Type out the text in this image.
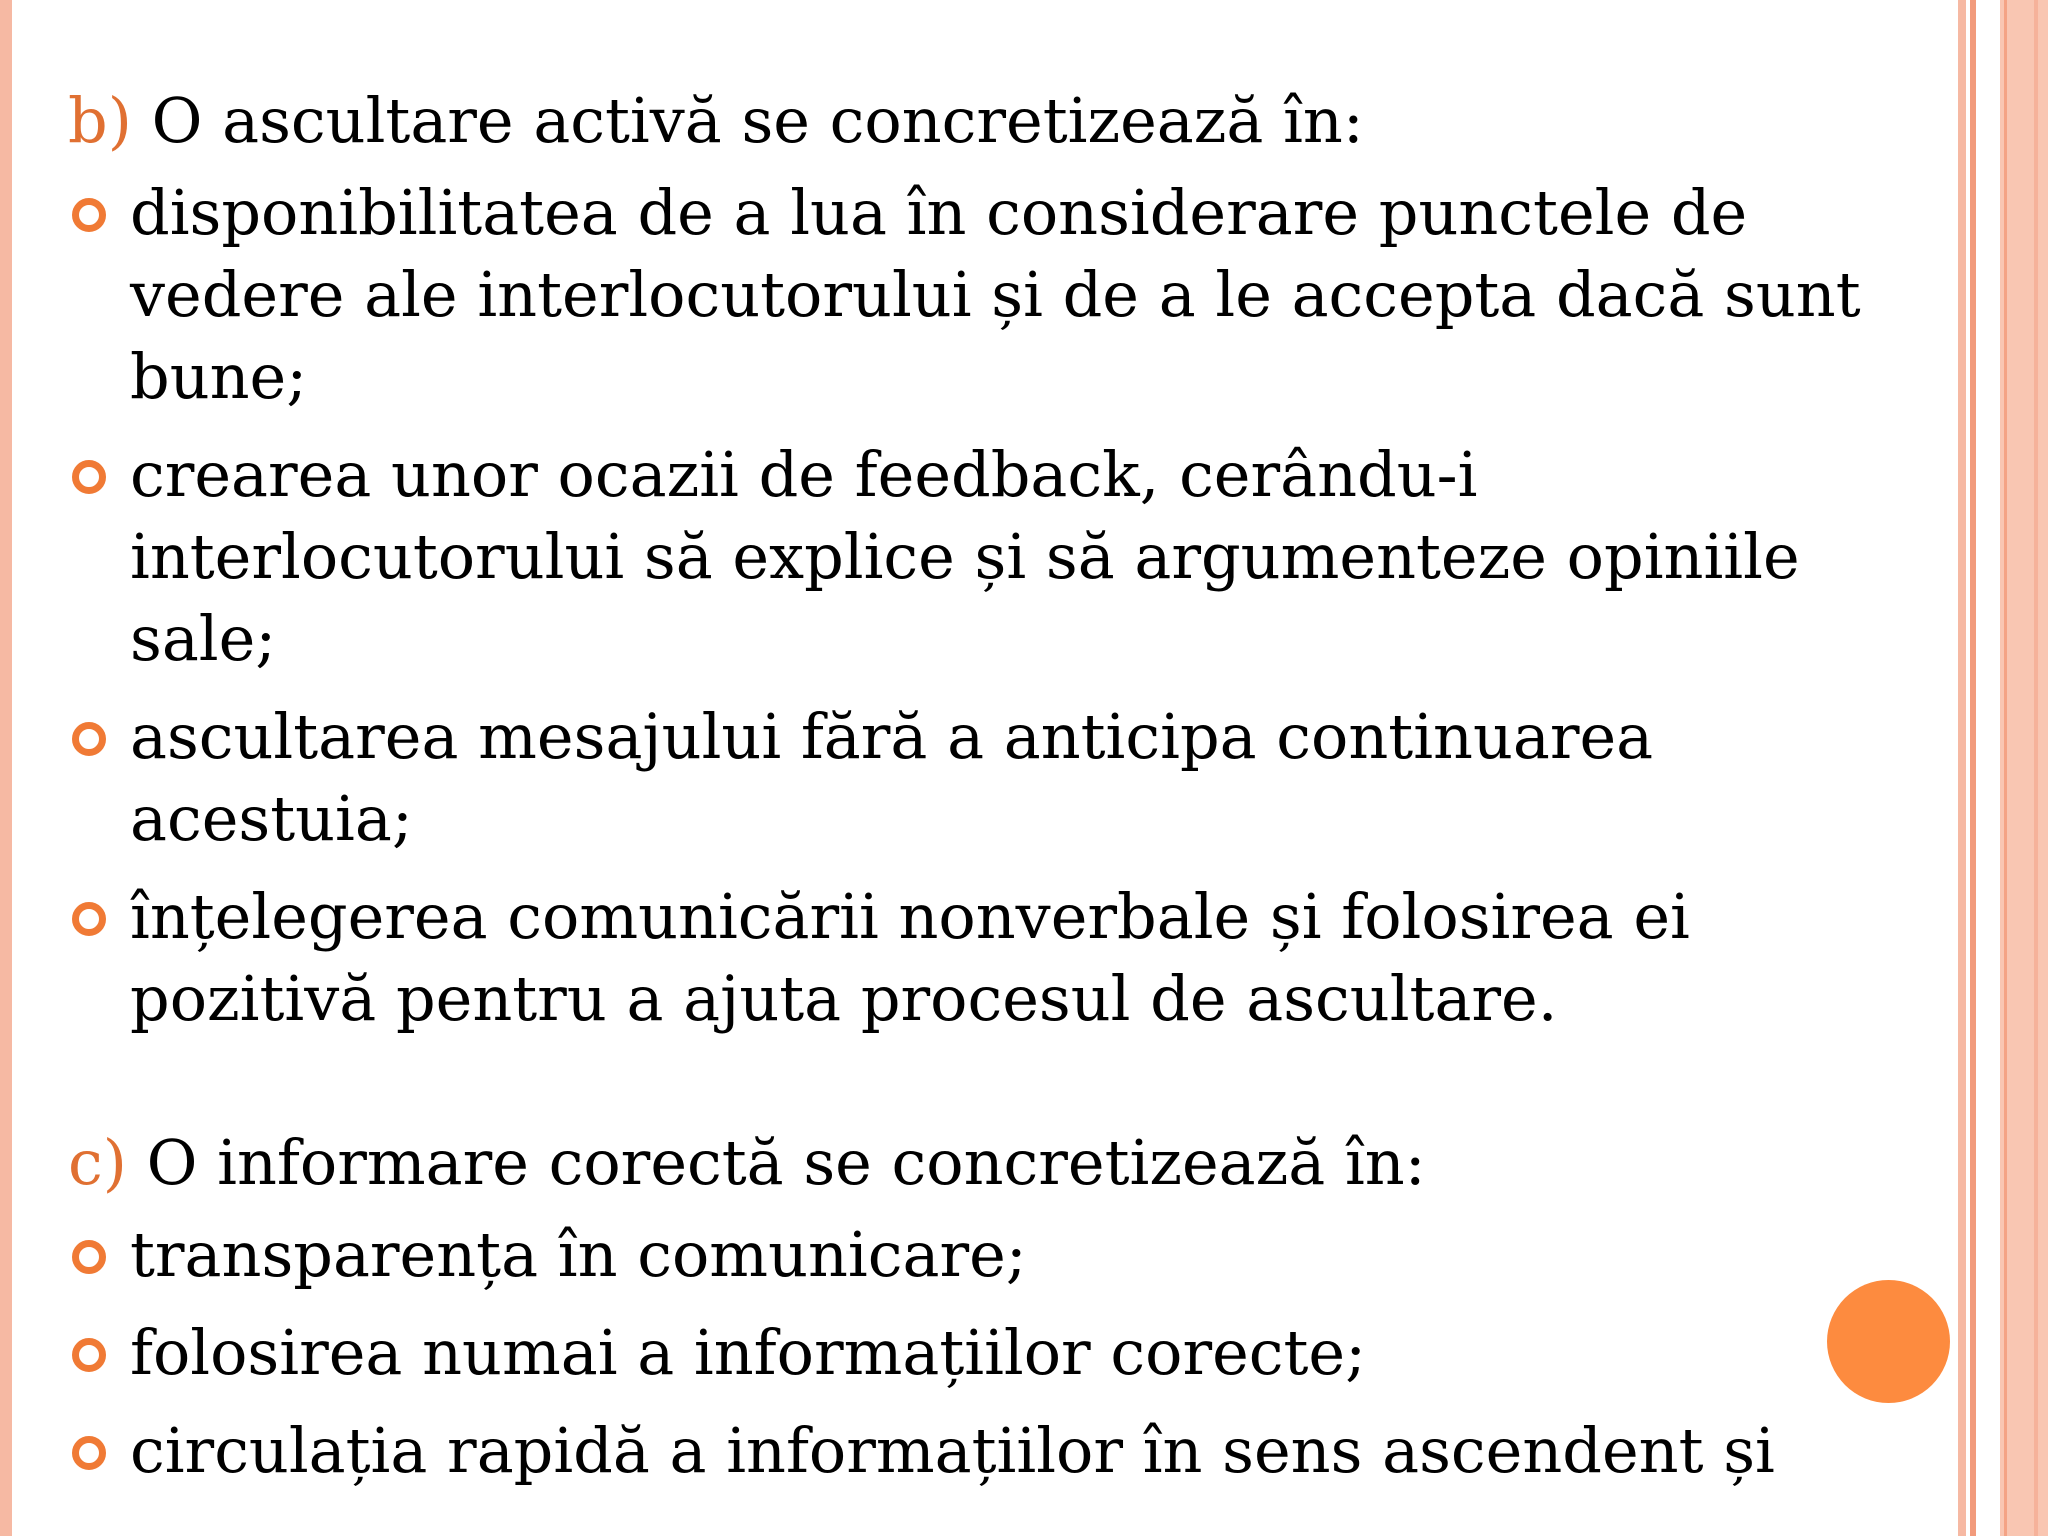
b) O ascultare activă se concretizează în:
disponibilitatea de a lua în considerare punctele de vedere ale interlocutorului și de a le accepta dacă sunt bune;
crearea unor ocazii de feedback, cerându-i interlocutorului să explice și să argumenteze opiniile sale;
ascultarea mesajului fără a anticipa continuarea acestuia;
înțelegerea comunicării nonverbale și folosirea ei pozitivă pentru a ajuta procesul de ascultare.
c) O informare corectă se concretizează în:
transparența în comunicare;
folosirea numai a informațiilor corecte;
circulația rapidă a informațiilor în sens ascendent și
